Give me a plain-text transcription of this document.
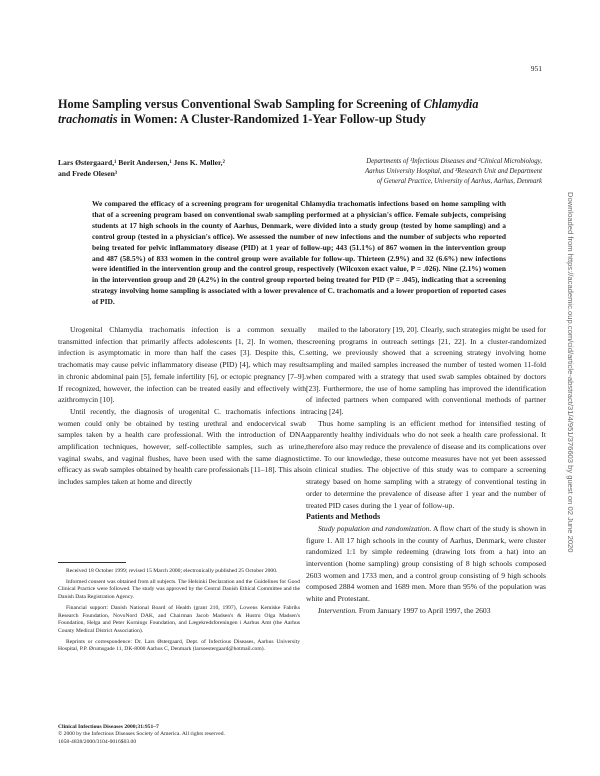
951
Home Sampling versus Conventional Swab Sampling for Screening of Chlamydia trachomatis in Women: A Cluster-Randomized 1-Year Follow-up Study
Lars Østergaard,¹ Berit Andersen,¹ Jens K. Møller,²
and Frede Olesen³
Departments of ¹Infectious Diseases and ²Clinical Microbiology,
Aarhus University Hospital, and ³Research Unit and Department
of General Practice, University of Aarhus, Aarhus, Denmark

We compared the efficacy of a screening program for urogenital Chlamydia trachomatis infections based on home sampling with that of a screening program based on conventional swab sampling performed at a physician's office. Female subjects, comprising students at 17 high schools in the county of Aarhus, Denmark, were divided into a study group (tested by home sampling) and a control group (tested in a physician's office). We assessed the number of new infections and the number of subjects who reported being treated for pelvic inflammatory disease (PID) at 1 year of follow-up; 443 (51.1%) of 867 women in the intervention group and 487 (58.5%) of 833 women in the control group were available for follow-up. Thirteen (2.9%) and 32 (6.6%) new infections were identified in the intervention group and the control group, respectively (Wilcoxon exact value, P = .026). Nine (2.1%) women in the intervention group and 20 (4.2%) in the control group reported being treated for PID (P = .045), indicating that a screening strategy involving home sampling is associated with a lower prevalence of C. trachomatis and a lower proportion of reported cases of PID.

Urogenital Chlamydia trachomatis infection is a common sexually transmitted infection that primarily affects adolescents [1, 2]. In women, the infection is asymptomatic in more than half the cases [3]. Despite this, C. trachomatis may cause pelvic inflammatory disease (PID) [4], which may result in chronic abdominal pain [5], female infertility [6], or ectopic pregnancy [7–9]. If recognized, however, the infection can be treated easily and effectively with azithromycin [10].

Until recently, the diagnosis of urogenital C. trachomatis infections in women could only be obtained by testing urethral and endocervical swab samples taken by a health care professional. With the introduction of DNA amplification techniques, however, self-collectible samples, such as urine, vaginal swabs, and vaginal flushes, have been used with the same diagnostic efficacy as swab samples obtained by health care professionals [11–18]. This also includes samples taken at home and directly

mailed to the laboratory [19, 20]. Clearly, such strategies might be used for screening programs in outreach settings [21, 22]. In a cluster-randomized setting, we previously showed that a screening strategy involving home sampling and mailed samples increased the number of tested women 11-fold when compared with a strategy that used swab samples obtained by doctors [23]. Furthermore, the use of home sampling has improved the identification of infected partners when compared with conventional methods of partner tracing [24].

Thus home sampling is an efficient method for intensified testing of apparently healthy individuals who do not seek a health care professional. It therefore also may reduce the prevalence of disease and its complications over time. To our knowledge, these outcome measures have not yet been assessed in clinical studies. The objective of this study was to compare a screening strategy based on home sampling with a strategy of conventional testing in order to determine the prevalence of disease after 1 year and the number of treated PID cases during the 1 year of follow-up.

Patients and Methods

Study population and randomization. A flow chart of the study is shown in figure 1. All 17 high schools in the county of Aarhus, Denmark, were cluster randomized 1:1 by simple redeeming (drawing lots from a hat) into an intervention (home sampling) group consisting of 8 high schools composed 2603 women and 1733 men, and a control group consisting of 9 high schools composed 2884 women and 1689 men. More than 95% of the population was white and Protestant.

Intervention. From January 1997 to April 1997, the 2603

Received 18 October 1999; revised 15 March 2000; electronically published 25 October 2000.

Informed consent was obtained from all subjects. The Helsinki Declaration and the Guidelines for Good Clinical Practice were followed. The study was approved by the Central Danish Ethical Committee and the Danish Data Registration Agency.

Financial support: Danish National Board of Health (grant 210, 1997), Lowens Kemiske Fabriks Research Foundation, NovoNord DAK, and Chairman Jacob Madsen's & Hustru Olga Madsen's Foundation, Helga and Peter Kornings Foundation, and Lægekredsforeningen i Aarhus Amt (the Aarhus County Medical District Association).

Reprints or correspondence: Dr. Lars Østergaard, Dept. of Infectious Diseases, Aarhus University Hospital, P.P. Ørumsgade 11, DK-8000 Aarhus C, Denmark (larsoestergaard@hotmail.com).

Clinical Infectious Diseases 2000;31:951–7
© 2000 by the Infectious Diseases Society of America. All rights reserved.
1058-4838/2000/3104-0016$03.00
Downloaded from https://academic.oup.com/cid/article-abstract/31/4/951/376603 by guest on 02 June 2020
